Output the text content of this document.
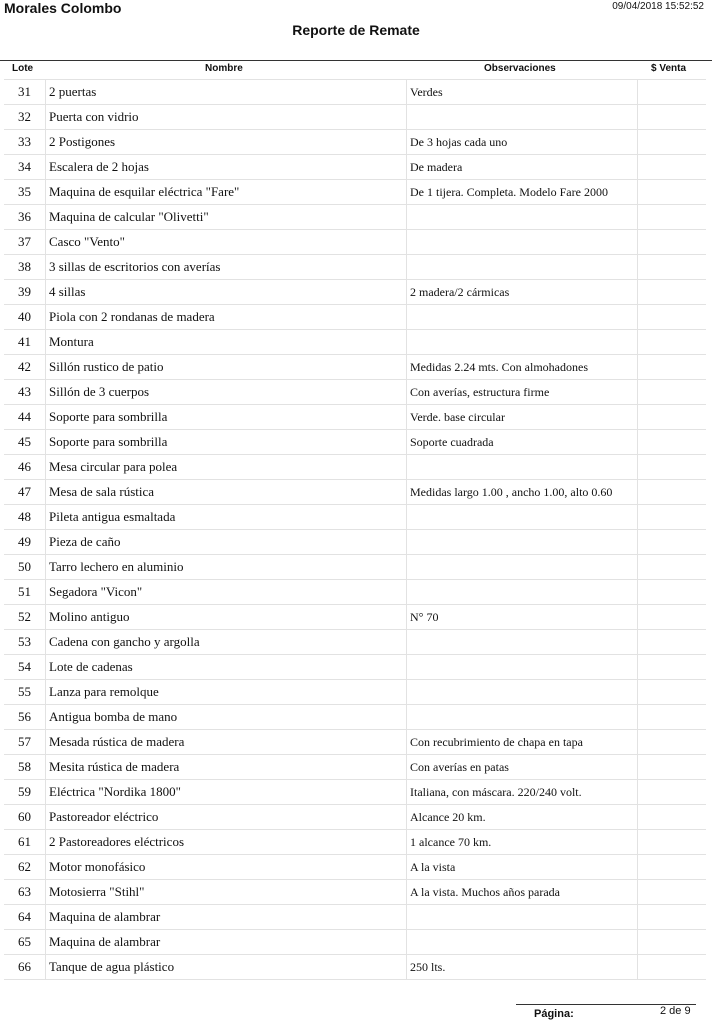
Morales Colombo	09/04/2018 15:52:52
Reporte de Remate
Lote	Nombre	Observaciones	$ Venta
31	2 puertas	Verdes	
32	Puerta con vidrio		
33	2 Postigones	De 3 hojas cada uno	
34	Escalera de 2 hojas	De madera	
35	Maquina de esquilar eléctrica "Fare"	De 1 tijera. Completa. Modelo Fare 2000	
36	Maquina de calcular "Olivetti"		
37	Casco "Vento"		
38	3 sillas de escritorios con averías		
39	4 sillas	2 madera/2 cármicas	
40	Piola con 2 rondanas de madera		
41	Montura		
42	Sillón rustico de patio	Medidas 2.24 mts. Con almohadones	
43	Sillón de 3 cuerpos	Con averías, estructura firme	
44	Soporte para sombrilla	Verde. base circular	
45	Soporte para sombrilla	Soporte cuadrada	
46	Mesa circular para polea		
47	Mesa de sala rústica	Medidas largo 1.00 , ancho 1.00, alto 0.60	
48	Pileta antigua esmaltada		
49	Pieza de caño		
50	Tarro lechero en aluminio		
51	Segadora "Vicon"		
52	Molino antiguo	N° 70	
53	Cadena con gancho y argolla		
54	Lote de cadenas		
55	Lanza para remolque		
56	Antigua bomba de mano		
57	Mesada rústica de madera	Con recubrimiento de chapa en tapa	
58	Mesita rústica de madera	Con averías en patas	
59	Eléctrica "Nordika 1800"	Italiana, con máscara. 220/240 volt.	
60	Pastoreador eléctrico	Alcance 20 km.	
61	2 Pastoreadores eléctricos	1 alcance 70 km.	
62	Motor monofásico	A la vista	
63	Motosierra "Stihl"	A la vista. Muchos años parada	
64	Maquina de alambrar		
65	Maquina de alambrar		
66	Tanque de agua plástico	250 lts.	
Página:	2 de 9
